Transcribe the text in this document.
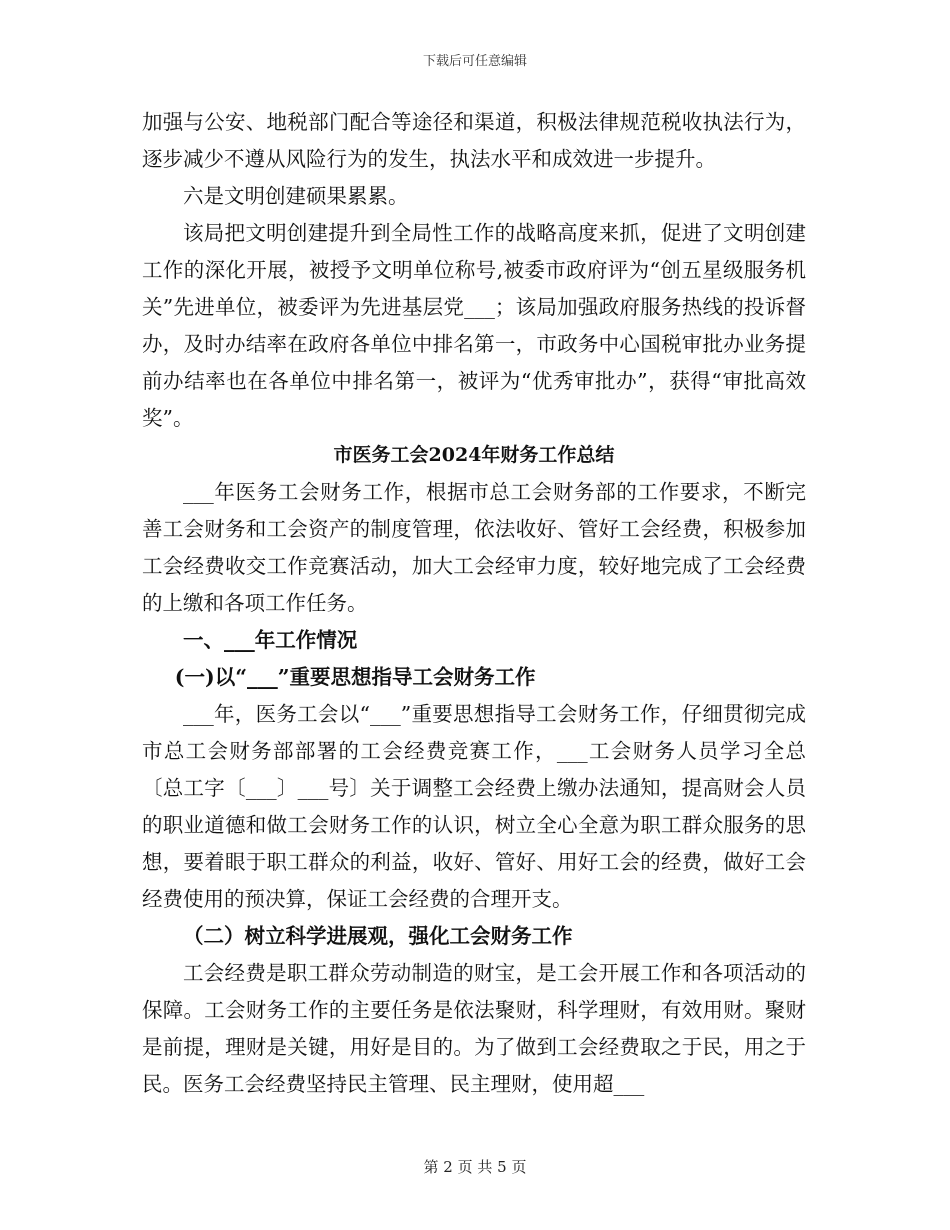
下载后可任意编辑

加强与公安、地税部门配合等途径和渠道，积极法律规范税收执法行为，逐步减少不遵从风险行为的发生，执法水平和成效进一步提升。

六是文明创建硕果累累。

该局把文明创建提升到全局性工作的战略高度来抓，促进了文明创建工作的深化开展，被授予文明单位称号,被委市政府评为“创五星级服务机关”先进单位，被委评为先进基层党___；该局加强政府服务热线的投诉督办，及时办结率在政府各单位中排名第一，市政务中心国税审批办业务提前办结率也在各单位中排名第一，被评为“优秀审批办”，获得“审批高效奖”。

市医务工会2024年财务工作总结

___年医务工会财务工作，根据市总工会财务部的工作要求，不断完善工会财务和工会资产的制度管理，依法收好、管好工会经费，积极参加工会经费收交工作竞赛活动，加大工会经审力度，较好地完成了工会经费的上缴和各项工作任务。

一、___年工作情况

(一)以“___”重要思想指导工会财务工作

___年，医务工会以“___”重要思想指导工会财务工作，仔细贯彻完成市总工会财务部部署的工会经费竞赛工作，___工会财务人员学习全总〔总工字〔___〕___号〕关于调整工会经费上缴办法通知，提高财会人员的职业道德和做工会财务工作的认识，树立全心全意为职工群众服务的思想，要着眼于职工群众的利益，收好、管好、用好工会的经费，做好工会经费使用的预决算，保证工会经费的合理开支。

（二）树立科学进展观，强化工会财务工作

工会经费是职工群众劳动制造的财宝，是工会开展工作和各项活动的保障。工会财务工作的主要任务是依法聚财，科学理财，有效用财。聚财是前提，理财是关键，用好是目的。为了做到工会经费取之于民，用之于民。医务工会经费坚持民主管理、民主理财，使用超___

第 2 页 共 5 页
